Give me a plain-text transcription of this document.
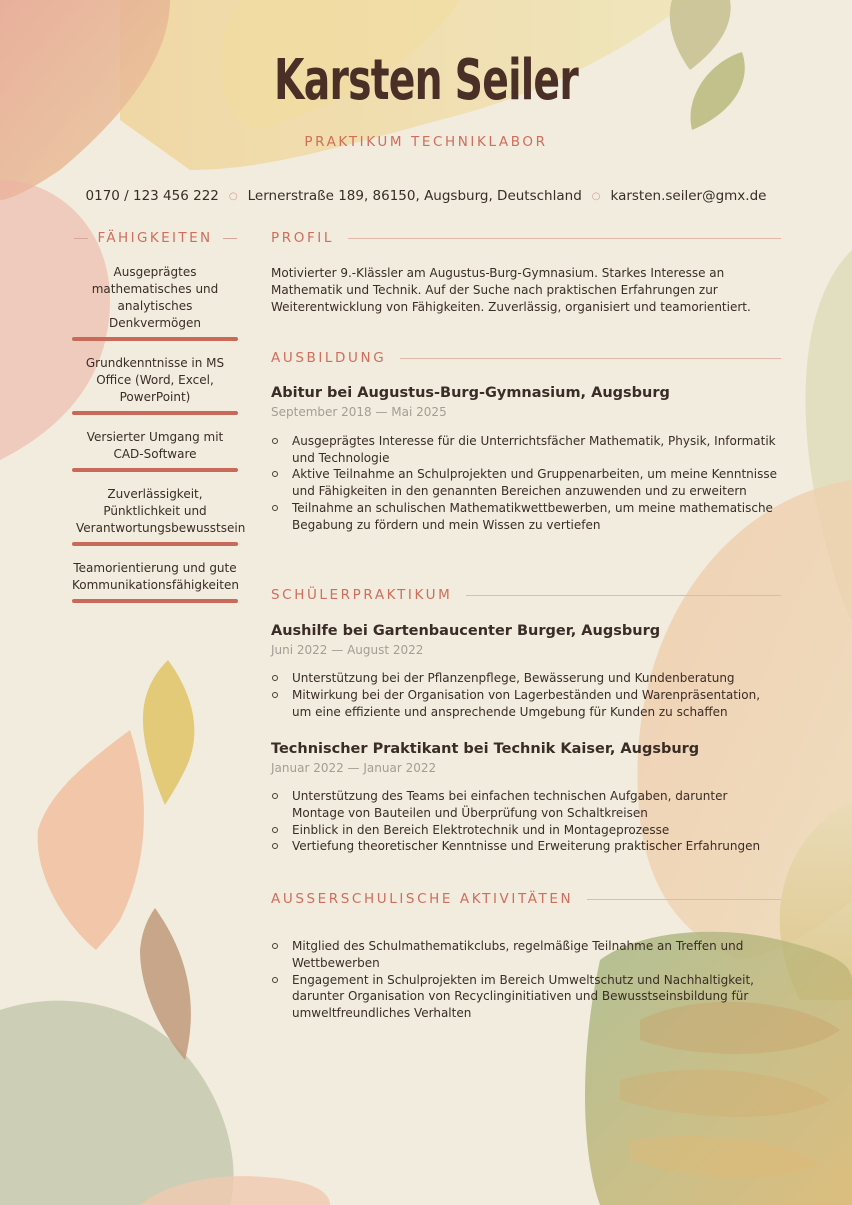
Karsten Seiler
PRAKTIKUM TECHNIKLABOR
0170 / 123 456 222 ○ Lernerstraße 189, 86150, Augsburg, Deutschland ○ karsten.seiler@gmx.de
FÄHIGKEITEN
Ausgeprägtes mathematisches und analytisches Denkvermögen
Grundkenntnisse in MS Office (Word, Excel, PowerPoint)
Versierter Umgang mit CAD-Software
Zuverlässigkeit, Pünktlichkeit und Verantwortungsbewusstsein
Teamorientierung und gute Kommunikationsfähigkeiten
PROFIL

Motivierter 9.-Klässler am Augustus-Burg-Gymnasium. Starkes Interesse an Mathematik und Technik. Auf der Suche nach praktischen Erfahrungen zur Weiterentwicklung von Fähigkeiten. Zuverlässig, organisiert und teamorientiert.

AUSBILDUNG
Abitur bei Augustus-Burg-Gymnasium, Augsburg
September 2018 — Mai 2025
Ausgeprägtes Interesse für die Unterrichtsfächer Mathematik, Physik, Informatik und Technologie
Aktive Teilnahme an Schulprojekten und Gruppenarbeiten, um meine Kenntnisse und Fähigkeiten in den genannten Bereichen anzuwenden und zu erweitern
Teilnahme an schulischen Mathematikwettbewerben, um meine mathematische Begabung zu fördern und mein Wissen zu vertiefen
SCHÜLERPRAKTIKUM
Aushilfe bei Gartenbaucenter Burger, Augsburg
Juni 2022 — August 2022
Unterstützung bei der Pflanzenpflege, Bewässerung und Kundenberatung
Mitwirkung bei der Organisation von Lagerbeständen und Warenpräsentation, um eine effiziente und ansprechende Umgebung für Kunden zu schaffen
Technischer Praktikant bei Technik Kaiser, Augsburg
Januar 2022 — Januar 2022
Unterstützung des Teams bei einfachen technischen Aufgaben, darunter Montage von Bauteilen und Überprüfung von Schaltkreisen
Einblick in den Bereich Elektrotechnik und in Montageprozesse
Vertiefung theoretischer Kenntnisse und Erweiterung praktischer Erfahrungen
AUSSERSCHULISCHE AKTIVITÄTEN
Mitglied des Schulmathematikclubs, regelmäßige Teilnahme an Treffen und Wettbewerben
Engagement in Schulprojekten im Bereich Umweltschutz und Nachhaltigkeit, darunter Organisation von Recyclinginitiativen und Bewusstseinsbildung für umweltfreundliches Verhalten
